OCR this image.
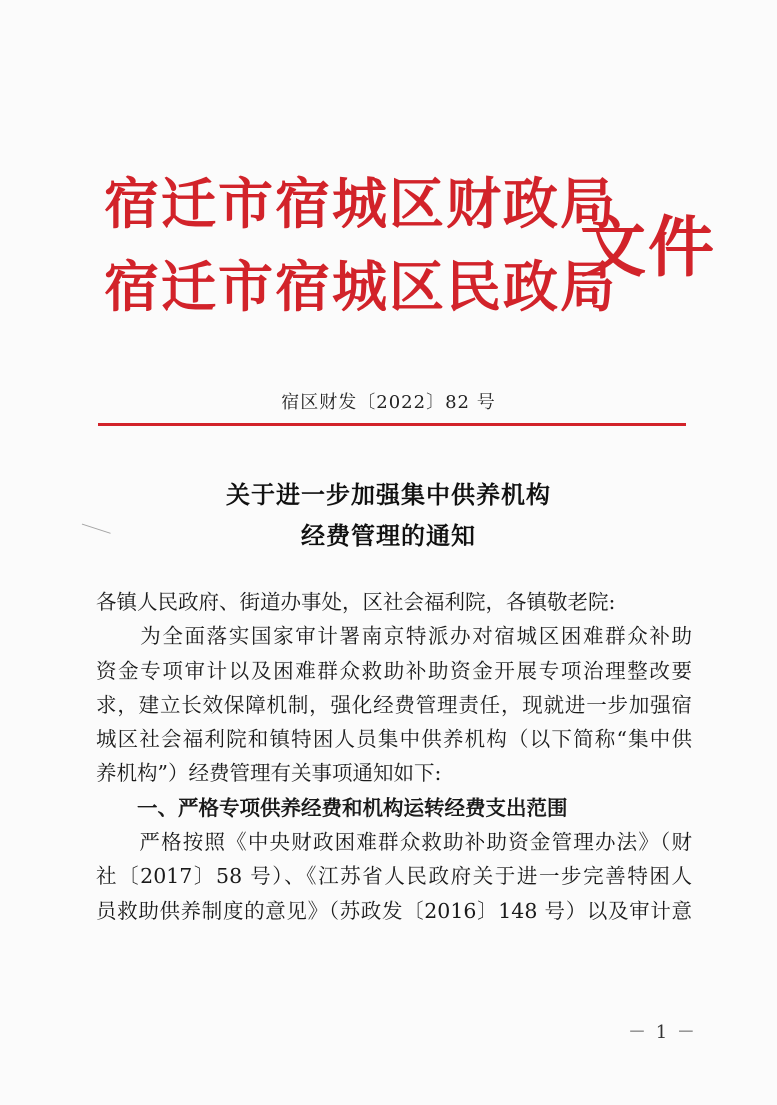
宿迁市宿城区财政局
宿迁市宿城区民政局
文件
宿区财发〔2022〕82 号
关于进一步加强集中供养机构
经费管理的通知
各镇人民政府、街道办事处，区社会福利院，各镇敬老院:
　　为全面落实国家审计署南京特派办对宿城区困难群众补助
资金专项审计以及困难群众救助补助资金开展专项治理整改要
求，建立长效保障机制，强化经费管理责任，现就进一步加强宿
城区社会福利院和镇特困人员集中供养机构（以下简称“集中供
养机构”）经费管理有关事项通知如下:
　　一、严格专项供养经费和机构运转经费支出范围
　　严格按照《中央财政困难群众救助补助资金管理办法》（财
社〔2017〕58 号）、《江苏省人民政府关于进一步完善特困人
员救助供养制度的意见》（苏政发〔2016〕148 号）以及审计意
－ 1 －
